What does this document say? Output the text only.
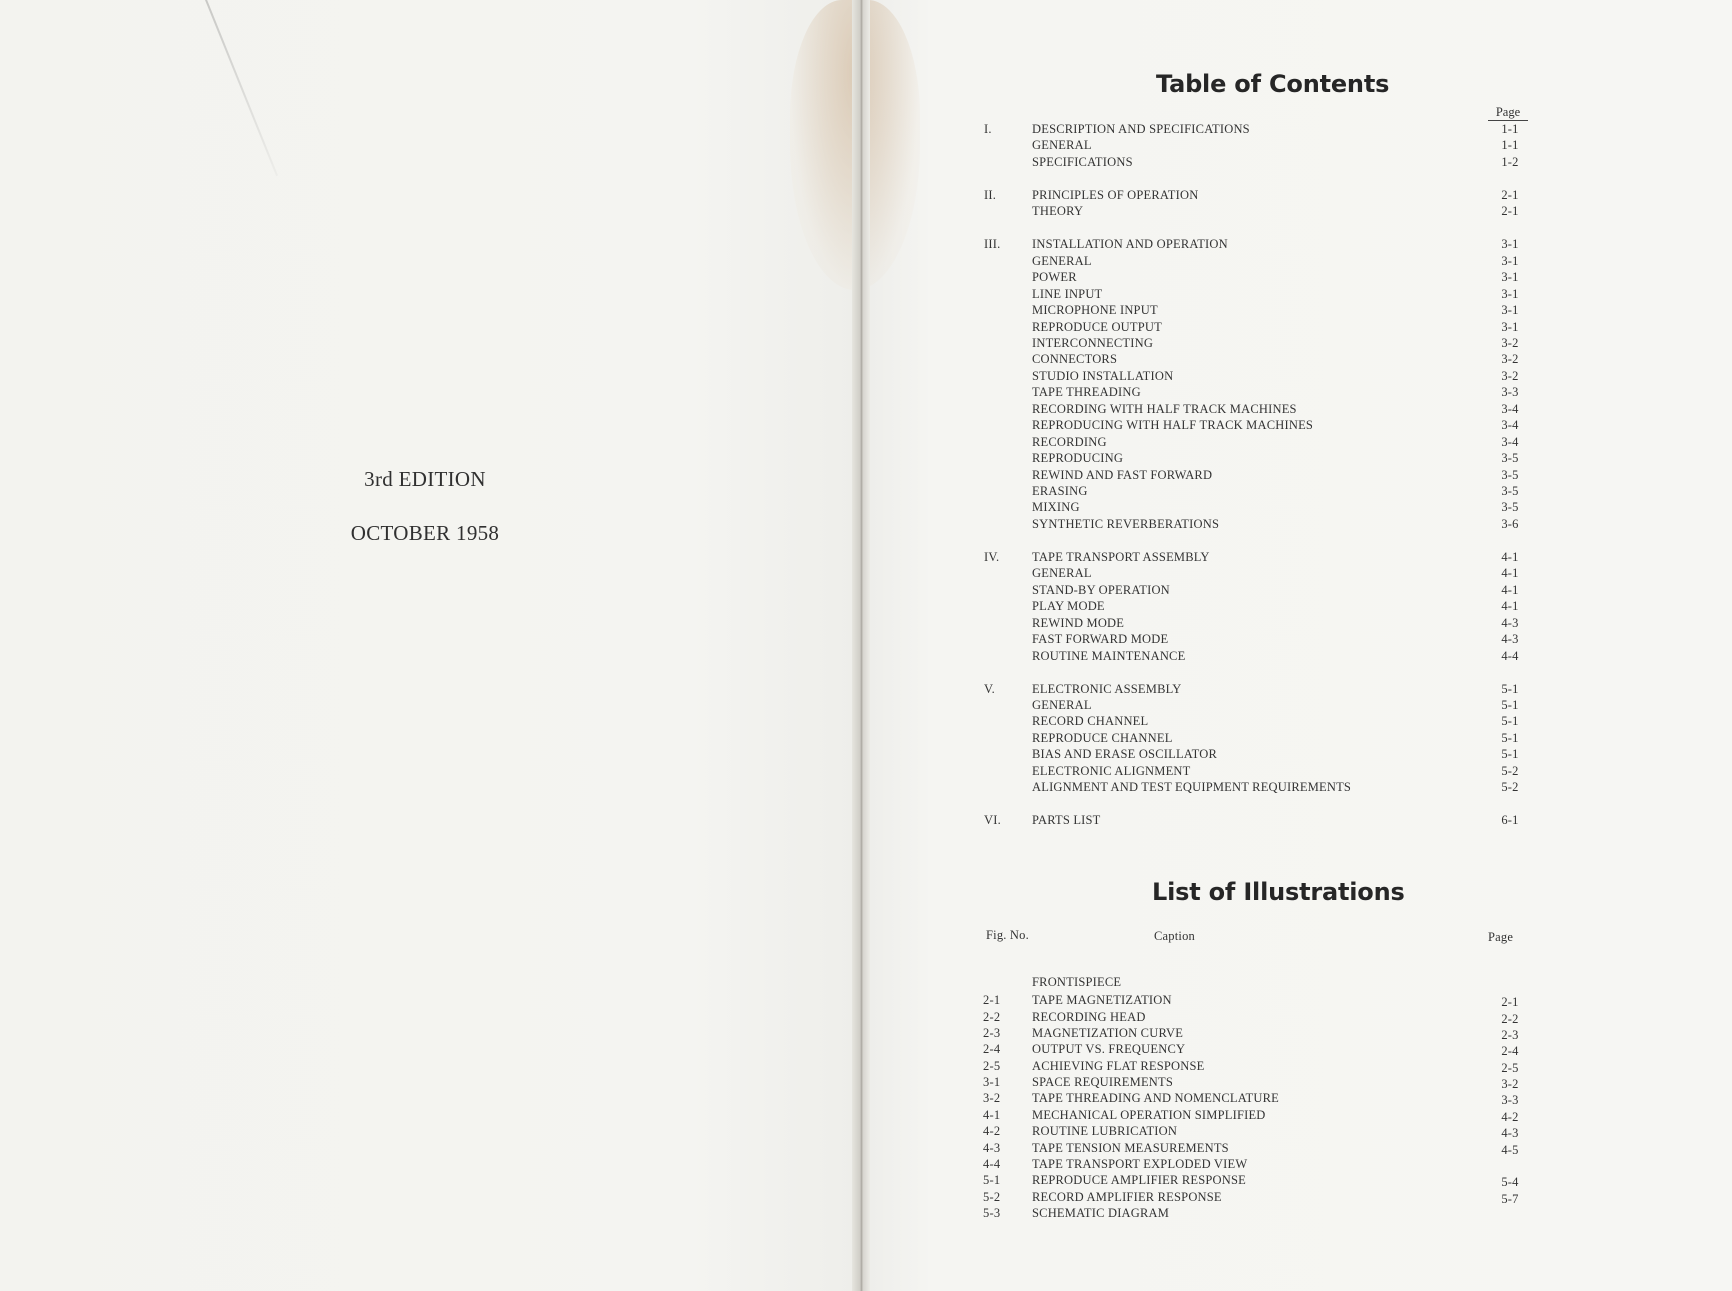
3rd EDITION
OCTOBER 1958
Table of Contents
Page
I.	DESCRIPTION AND SPECIFICATIONS	1-1
GENERAL	1-1
SPECIFICATIONS	1-2
II.	PRINCIPLES OF OPERATION	2-1
THEORY	2-1
III.	INSTALLATION AND OPERATION	3-1
GENERAL	3-1
POWER	3-1
LINE INPUT	3-1
MICROPHONE INPUT	3-1
REPRODUCE OUTPUT	3-1
INTERCONNECTING	3-2
CONNECTORS	3-2
STUDIO INSTALLATION	3-2
TAPE THREADING	3-3
RECORDING WITH HALF TRACK MACHINES	3-4
REPRODUCING WITH HALF TRACK MACHINES	3-4
RECORDING	3-4
REPRODUCING	3-5
REWIND AND FAST FORWARD	3-5
ERASING	3-5
MIXING	3-5
SYNTHETIC REVERBERATIONS	3-6
IV.	TAPE TRANSPORT ASSEMBLY	4-1
GENERAL	4-1
STAND-BY OPERATION	4-1
PLAY MODE	4-1
REWIND MODE	4-3
FAST FORWARD MODE	4-3
ROUTINE MAINTENANCE	4-4
V.	ELECTRONIC ASSEMBLY	5-1
GENERAL	5-1
RECORD CHANNEL	5-1
REPRODUCE CHANNEL	5-1
BIAS AND ERASE OSCILLATOR	5-1
ELECTRONIC ALIGNMENT	5-2
ALIGNMENT AND TEST EQUIPMENT REQUIREMENTS	5-2
VI. PARTS LIST	6-1
List of Illustrations
Fig. No.	Caption	Page
FRONTISPIECE
2-1	TAPE MAGNETIZATION	2-1
2-2	RECORDING HEAD	2-2
2-3	MAGNETIZATION CURVE	2-3
2-4	OUTPUT VS. FREQUENCY	2-4
2-5	ACHIEVING FLAT RESPONSE	2-5
3-1	SPACE REQUIREMENTS	3-2
3-2	TAPE THREADING AND NOMENCLATURE	3-3
4-1	MECHANICAL OPERATION SIMPLIFIED	4-2
4-2	ROUTINE LUBRICATION	4-3
4-3	TAPE TENSION MEASUREMENTS	4-5
4-4	TAPE TRANSPORT EXPLODED VIEW
5-1	REPRODUCE AMPLIFIER RESPONSE	5-4
5-2	RECORD AMPLIFIER RESPONSE	5-7
5-3	SCHEMATIC DIAGRAM
